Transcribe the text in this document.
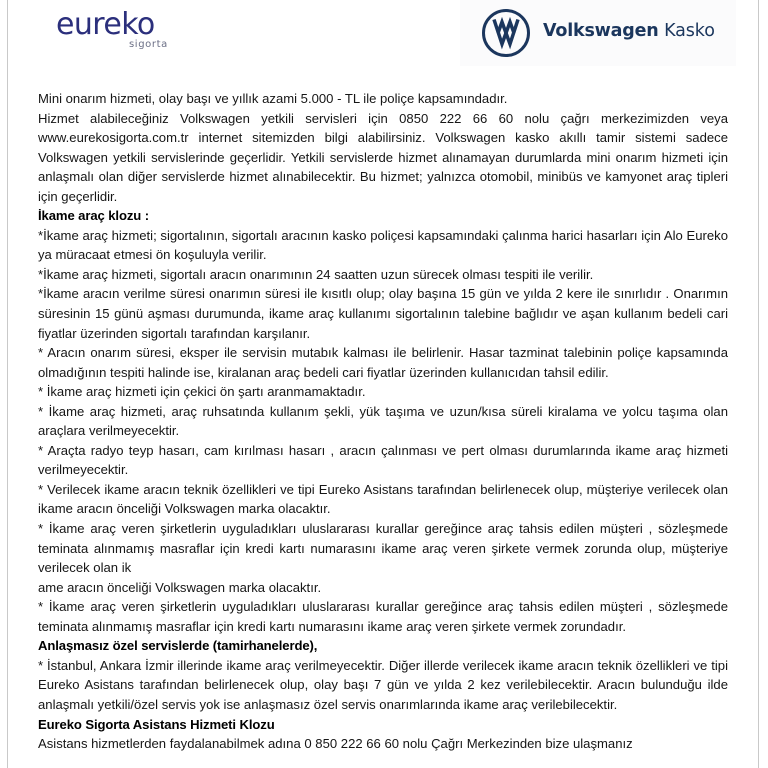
eureko
sigorta
Volkswagen Kasko

Mini onarım hizmeti, olay başı ve yıllık azami 5.000 - TL ile poliçe kapsamındadır.

Hizmet alabileceğiniz Volkswagen yetkili servisleri için 0850 222 66 60 nolu çağrı merkezimizden veya www.eurekosigorta.com.tr internet sitemizden bilgi alabilirsiniz. Volkswagen kasko akıllı tamir sistemi sadece Volkswagen yetkili servislerinde geçerlidir. Yetkili servislerde hizmet alınamayan durumlarda mini onarım hizmeti için anlaşmalı olan diğer servislerde hizmet alınabilecektir. Bu hizmet; yalnızca otomobil, minibüs ve kamyonet araç tipleri için geçerlidir.

İkame araç klozu :

*İkame araç hizmeti; sigortalının, sigortalı aracının kasko poliçesi kapsamındaki çalınma harici hasarları için Alo Eureko ya müracaat etmesi ön koşuluyla verilir.

*İkame araç hizmeti, sigortalı aracın onarımının 24 saatten uzun sürecek olması tespiti ile verilir.

*İkame aracın verilme süresi onarımın süresi ile kısıtlı olup; olay başına 15 gün ve yılda 2 kere ile sınırlıdır . Onarımın süresinin 15 günü aşması durumunda, ikame araç kullanımı sigortalının talebine bağlıdır ve aşan kullanım bedeli cari fiyatlar üzerinden sigortalı tarafından karşılanır.

* Aracın onarım süresi, eksper ile servisin mutabık kalması ile belirlenir. Hasar tazminat talebinin poliçe kapsamında olmadığının tespiti halinde ise, kiralanan araç bedeli cari fiyatlar üzerinden kullanıcıdan tahsil edilir.

* İkame araç hizmeti için çekici ön şartı aranmamaktadır.

* İkame araç hizmeti, araç ruhsatında kullanım şekli, yük taşıma ve uzun/kısa süreli kiralama ve yolcu taşıma olan araçlara verilmeyecektir.

* Araçta radyo teyp hasarı, cam kırılması hasarı , aracın çalınması ve pert olması durumlarında ikame araç hizmeti verilmeyecektir.

* Verilecek ikame aracın teknik özellikleri ve tipi Eureko Asistans tarafından belirlenecek olup, müşteriye verilecek olan ikame aracın önceliği Volkswagen marka olacaktır.

* İkame araç veren şirketlerin uyguladıkları uluslararası kurallar gereğince araç tahsis edilen müşteri , sözleşmede teminata alınmamış masraflar için kredi kartı numarasını ikame araç veren şirkete vermek zorunda olup, müşteriye verilecek olan ik

ame aracın önceliği Volkswagen marka olacaktır.

* İkame araç veren şirketlerin uyguladıkları uluslararası kurallar gereğince araç tahsis edilen müşteri , sözleşmede teminata alınmamış masraflar için kredi kartı numarasını ikame araç veren şirkete vermek zorundadır.

Anlaşmasız özel servislerde (tamirhanelerde),

* İstanbul, Ankara İzmir illerinde ikame araç verilmeyecektir. Diğer illerde verilecek ikame aracın teknik özellikleri ve tipi Eureko Asistans tarafından belirlenecek olup, olay başı 7 gün ve yılda 2 kez verilebilecektir. Aracın bulunduğu ilde anlaşmalı yetkili/özel servis yok ise anlaşmasız özel servis onarımlarında ikame araç verilebilecektir.

Eureko Sigorta Asistans Hizmeti Klozu

Asistans hizmetlerden faydalanabilmek adına 0 850 222 66 60 nolu Çağrı Merkezinden bize ulaşmanız
